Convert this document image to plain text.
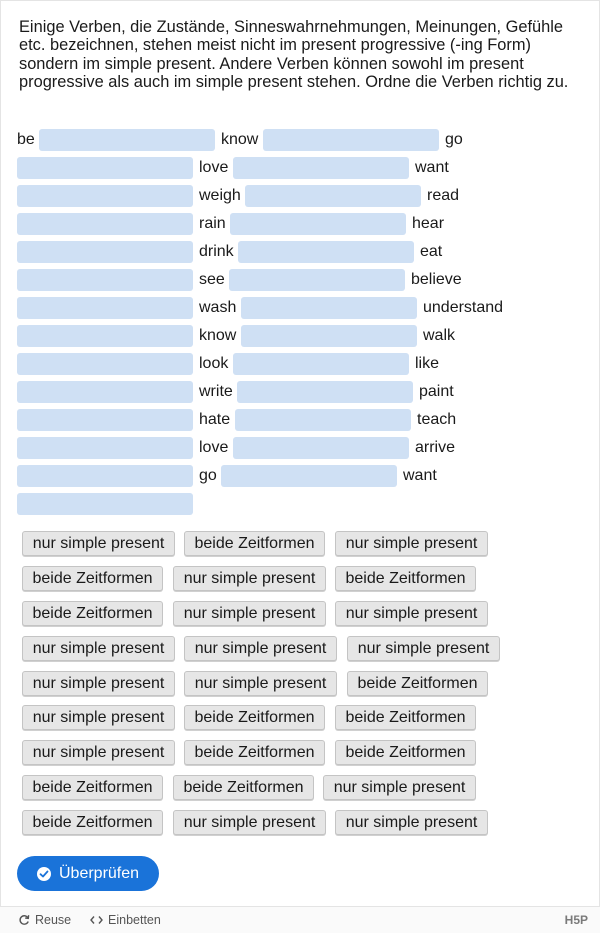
Einige Verben, die Zustände, Sinneswahrnehmungen, Meinungen, Gefühle etc. bezeichnen, stehen meist nicht im present progressive (-ing Form) sondern im simple present. Andere Verben können sowohl im present progressive als auch im simple present stehen. Ordne die Verben richtig zu.
be	know	go
love	want
weigh	read
rain	hear
drink	eat
see	believe
wash	understand
know	walk
look	like
write	paint
hate	teach
love	arrive
go	want
nur simple present	beide Zeitformen	nur simple present
beide Zeitformen	nur simple present	beide Zeitformen
beide Zeitformen	nur simple present	nur simple present
nur simple present	nur simple present	nur simple present
nur simple present	nur simple present	beide Zeitformen
nur simple present	beide Zeitformen	beide Zeitformen
nur simple present	beide Zeitformen	beide Zeitformen
beide Zeitformen	beide Zeitformen	nur simple present
beide Zeitformen	nur simple present	nur simple present
Überprüfen
Reuse	Einbetten	H5P
